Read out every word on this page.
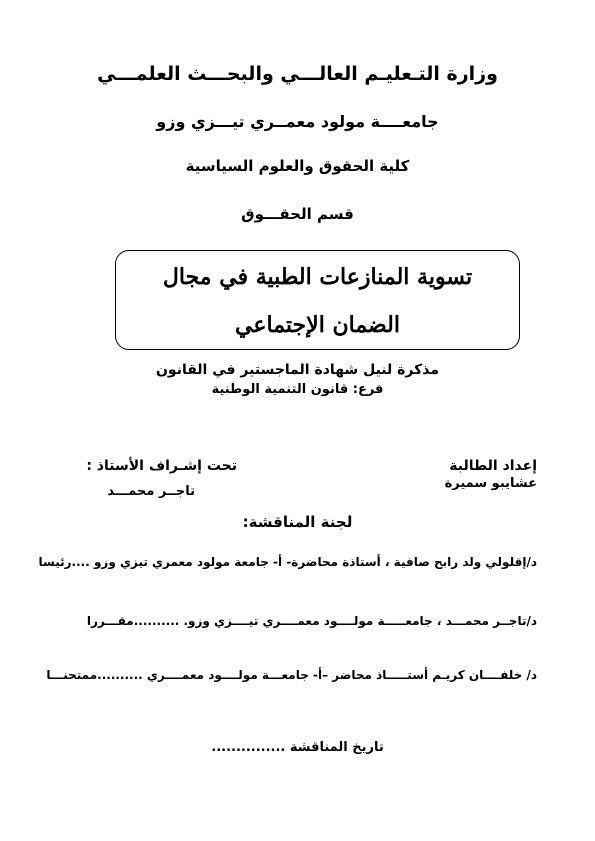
وزارة التـعليـم العالـــي والبحـــث العلمـــي
جامعــــة مولود معمــري تيـــزي وزو
كلية الحقوق والعلوم السياسية
قسم الحقـــوق
تسوية المنازعات الطبية في مجال
الضمان الإجتماعي
مذكرة لنيل شهادة الماجستير في القانون
فرع: قانون التنمية الوطنية
إعداد الطالبة
عشايبو سميرة
تحت إشـراف الأستاذ :
تاجــر محمـــد
لجنة المناقشة:
د/إقلولي ولد رابح صافية ، أستاذة محاضرة- أ- جامعة مولود معمري تيزي وزو ....رئيسا
د/تاجــر محمـــد ، جامعـــــة مولــــود معمــــري تيــــزي وزو. ..........مقـــررا
د/ خلفــــان كريـم أستـــــاذ محاضر –أ- جامعـــة مولــــود معمــــري ..........ممتحنـــا
تاريخ المناقشة ...............
